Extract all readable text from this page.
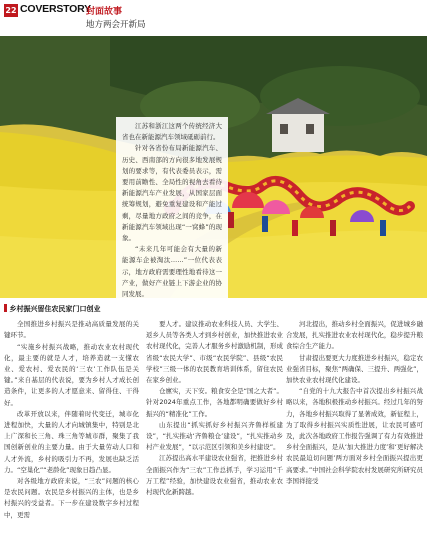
22 COVERSTORY
封面故事
地方两会开新局

江苏和浙江这两个传统经济大省也在新能源汽车领域砥砺前行。

针对各省份布局新能源汽车、历史、西南部的方向很多地发展规划的要求等，有代表委员表示，需要用前瞻性、全局性的视角去看待新能源汽车产业发展，从国家层面统筹规划，避免重复建设和产能过剩，尽量地方政府之间的竞争，在新能源汽车领域出现“一窝蜂”的现象。

“未来几年可能会有大量的新能源车企被淘汰……”一位代表表示，地方政府需要理性地看待这一产业，做好产业链上下游企业的协同发展。

乡村振兴留住农民家门口创业

全国推进乡村振兴是推动高质量发展的关键环节。

“实施乡村振兴战略，推动农业农村现代化，最主要的就是人才，培养造就一支懂农业、爱农村、爱农民的‘三农’工作队伍是关键。”来自基层的代表说，要为乡村人才成长创造条件，让更多的人才愿意来、留得住、干得好。

改革开放以来，伴随着时代变迁，城市化进程加快，大量的人才向城镇集中，特别是北上广深和长三角、珠三角等城市群，聚集了我国创新创业的主要力量。由于大量劳动人口和人才外流，乡村的吸引力不再，发展也缺乏活力。“空巢化”“老龄化”现象日趋凸显。

对各级地方政府来说，“三农”问题的核心是农民问题。农民是乡村振兴的主体，也是乡村振兴的受益者。下一步在建设数字乡村过程中，更需

要人才。建议推动农业科技人员、大学生、返乡人员等各类人才到乡村创业，加快推进农业农村现代化，完善人才服务乡村激励机制，形成省级“农民大学”、市级“农民学院”、县级“农民学校”三级一体的农民教育培训体系，留住农民在家乡创业。

仓廪实，天下安。粮食安全是“国之大者”。针对2024年重点工作，各地都明确要做好乡村振兴的“精准化”工作。

山东提出“抓实抓好乡村振兴齐鲁样板建设”，“扎实推动‘齐鲁粮仓’建设”，“扎实推动乡村产业发展”，“以示范区引领和美乡村建设”。

江苏提出高水平建设农业强省，把推进乡村全面振兴作为“三农”工作总抓手，学习运用“千万工程”经验，加快建设农业强省，推动农业农村现代化新跨越。

河北提出，推动乡村全面振兴，促进城乡融合发展，扎实推进农业农村现代化，稳步提升粮食综合生产能力。

甘肃提出要更大力度推进乡村振兴，稳定农业强省目标，聚焦“两确保、三提升、两强化”，加快农业农村现代化建设。

“自党的十九大报告中首次提出乡村振兴战略以来，各地积极推动乡村振兴。经过几年的努力，各地乡村振兴取得了显著成效，新征程上，为了取得乡村振兴实质性进展，让农民可感可及，此次各地政府工作报告强调了有力有效推进乡村全面振兴，是从‘加大推进力度’和‘更好解决农民最迫切问题’两方面对乡村全面振兴提出更高要求。”中国社会科学院农村发展研究所研究员李国祥接受
